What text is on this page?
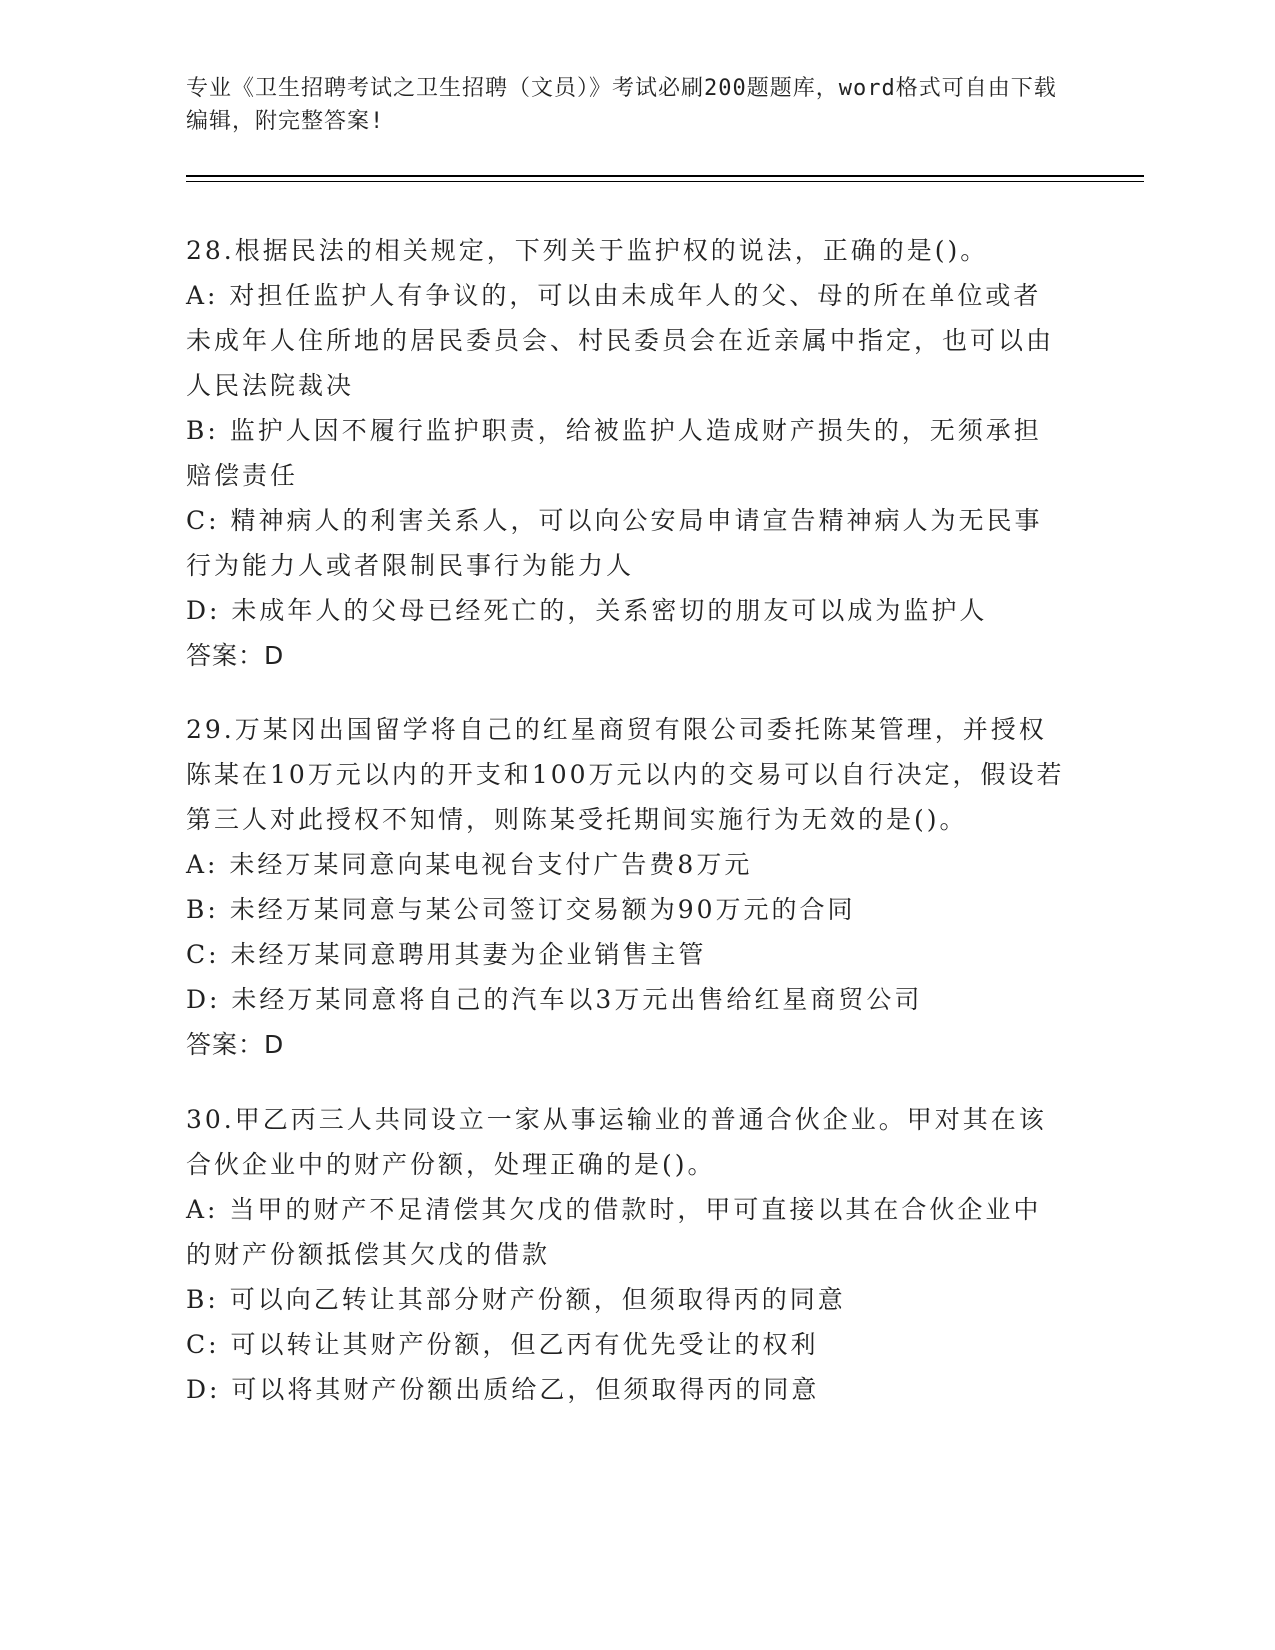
专业《卫生招聘考试之卫生招聘（文员）》考试必刷200题题库，word格式可自由下载编辑，附完整答案!

28.根据民法的相关规定，下列关于监护权的说法，正确的是()。

A: 对担任监护人有争议的，可以由未成年人的父、母的所在单位或者未成年人住所地的居民委员会、村民委员会在近亲属中指定，也可以由人民法院裁决

B: 监护人因不履行监护职责，给被监护人造成财产损失的，无须承担赔偿责任

C: 精神病人的利害关系人，可以向公安局申请宣告精神病人为无民事行为能力人或者限制民事行为能力人

D: 未成年人的父母已经死亡的，关系密切的朋友可以成为监护人

答案：D

29.万某冈出国留学将自己的红星商贸有限公司委托陈某管理，并授权陈某在10万元以内的开支和100万元以内的交易可以自行决定，假设若第三人对此授权不知情，则陈某受托期间实施行为无效的是()。

A: 未经万某同意向某电视台支付广告费8万元

B: 未经万某同意与某公司签订交易额为90万元的合同

C: 未经万某同意聘用其妻为企业销售主管

D: 未经万某同意将自己的汽车以3万元出售给红星商贸公司

答案：D

30.甲乙丙三人共同设立一家从事运输业的普通合伙企业。甲对其在该合伙企业中的财产份额，处理正确的是()。

A: 当甲的财产不足清偿其欠戊的借款时，甲可直接以其在合伙企业中的财产份额抵偿其欠戊的借款

B: 可以向乙转让其部分财产份额，但须取得丙的同意

C: 可以转让其财产份额，但乙丙有优先受让的权利

D: 可以将其财产份额出质给乙，但须取得丙的同意
